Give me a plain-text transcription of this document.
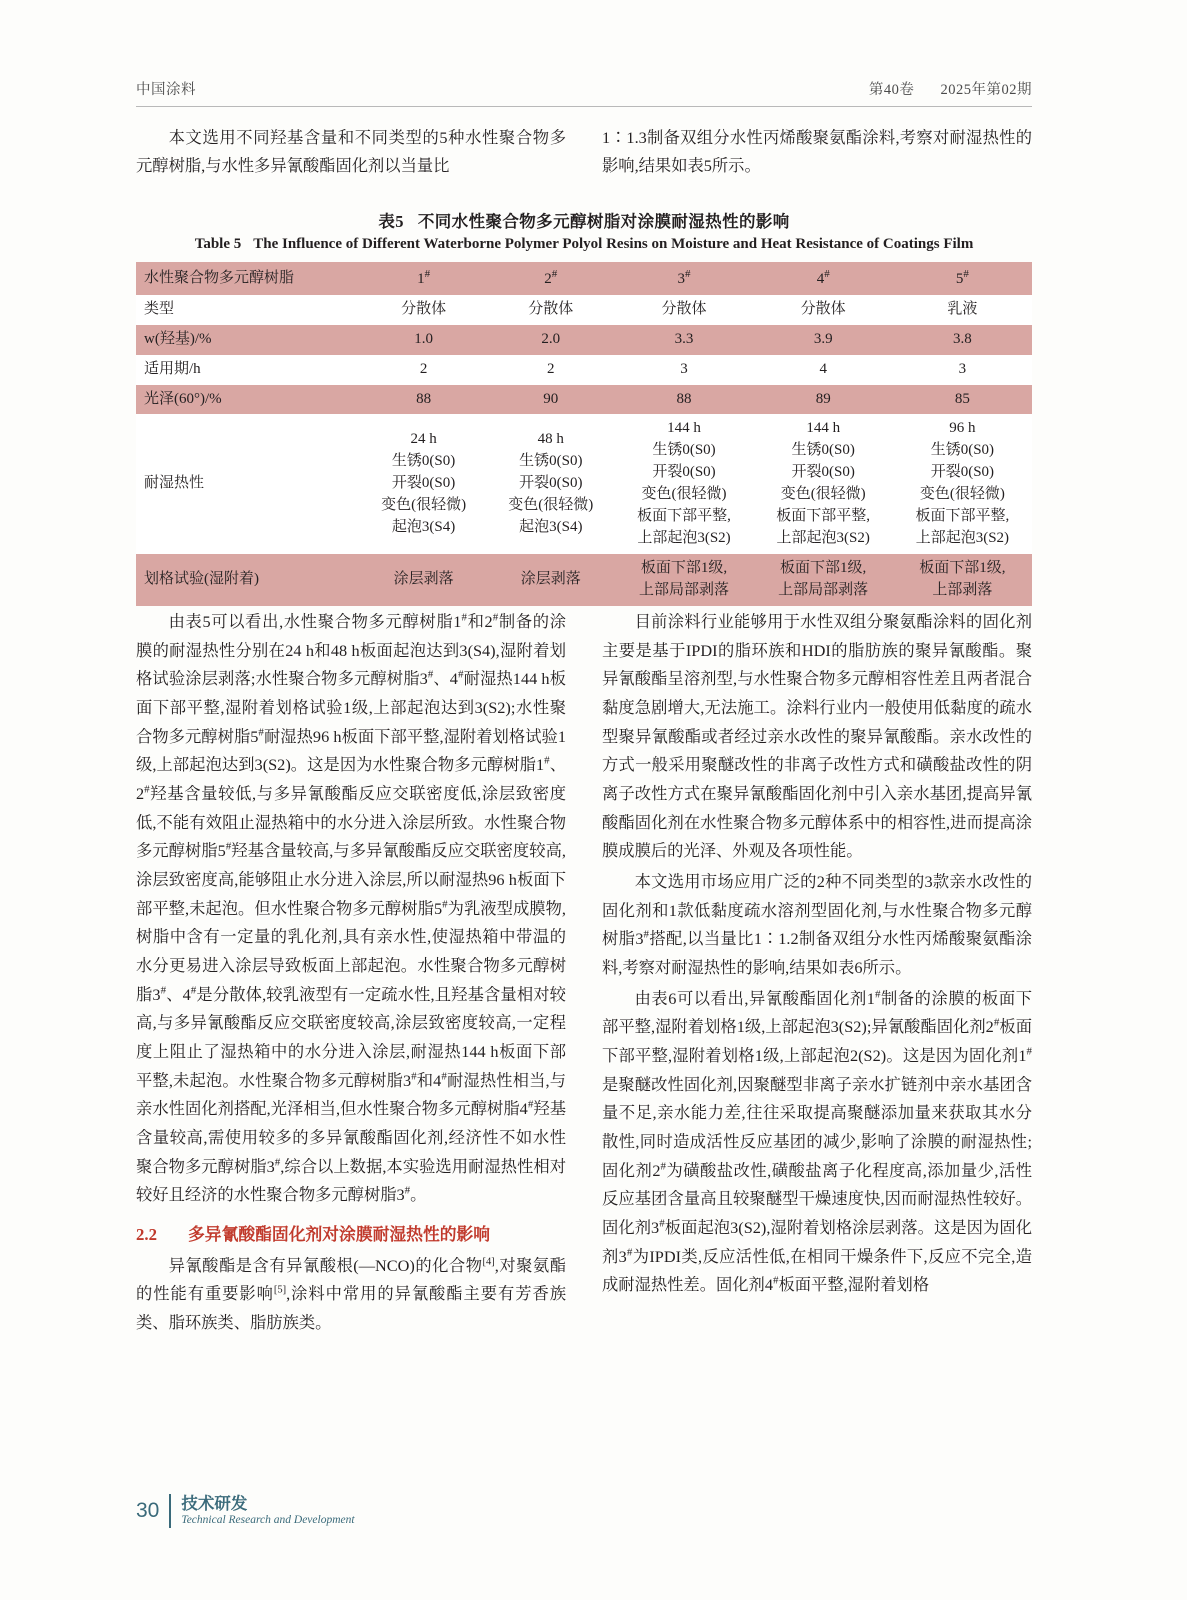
中国涂料	第40卷 2025年第02期
本文选用不同羟基含量和不同类型的5种水性聚合物多元醇树脂,与水性多异氰酸酯固化剂以当量比
1∶1.3制备双组分水性丙烯酸聚氨酯涂料,考察对耐湿热性的影响,结果如表5所示。
表5 不同水性聚合物多元醇树脂对涂膜耐湿热性的影响
Table 5 The Influence of Different Waterborne Polymer Polyol Resins on Moisture and Heat Resistance of Coatings Film
水性聚合物多元醇树脂	1#	2#	3#	4#	5#
类型	分散体	分散体	分散体	分散体	乳液
w(羟基)/%	1.0	2.0	3.3	3.9	3.8
适用期/h	2	2	3	4	3
光泽(60°)/%	88	90	88	89	85
耐湿热性	24 h
生锈0(S0)
开裂0(S0)
变色(很轻微)
起泡3(S4)	48 h
生锈0(S0)
开裂0(S0)
变色(很轻微)
起泡3(S4)	144 h
生锈0(S0)
开裂0(S0)
变色(很轻微)
板面下部平整,
上部起泡3(S2)	144 h
生锈0(S0)
开裂0(S0)
变色(很轻微)
板面下部平整,
上部起泡3(S2)	96 h
生锈0(S0)
开裂0(S0)
变色(很轻微)
板面下部平整,
上部起泡3(S2)
划格试验(湿附着)	涂层剥落	涂层剥落	板面下部1级,
上部局部剥落	板面下部1级,
上部局部剥落	板面下部1级,
上部剥落

由表5可以看出,水性聚合物多元醇树脂1#和2#制备的涂膜的耐湿热性分别在24 h和48 h板面起泡达到3(S4),湿附着划格试验涂层剥落;水性聚合物多元醇树脂3#、4#耐湿热144 h板面下部平整,湿附着划格试验1级,上部起泡达到3(S2);水性聚合物多元醇树脂5#耐湿热96 h板面下部平整,湿附着划格试验1级,上部起泡达到3(S2)。这是因为水性聚合物多元醇树脂1#、2#羟基含量较低,与多异氰酸酯反应交联密度低,涂层致密度低,不能有效阻止湿热箱中的水分进入涂层所致。水性聚合物多元醇树脂5#羟基含量较高,与多异氰酸酯反应交联密度较高,涂层致密度高,能够阻止水分进入涂层,所以耐湿热96 h板面下部平整,未起泡。但水性聚合物多元醇树脂5#为乳液型成膜物,树脂中含有一定量的乳化剂,具有亲水性,使湿热箱中带温的水分更易进入涂层导致板面上部起泡。水性聚合物多元醇树脂3#、4#是分散体,较乳液型有一定疏水性,且羟基含量相对较高,与多异氰酸酯反应交联密度较高,涂层致密度较高,一定程度上阻止了湿热箱中的水分进入涂层,耐湿热144 h板面下部平整,未起泡。水性聚合物多元醇树脂3#和4#耐湿热性相当,与亲水性固化剂搭配,光泽相当,但水性聚合物多元醇树脂4#羟基含量较高,需使用较多的多异氰酸酯固化剂,经济性不如水性聚合物多元醇树脂3#,综合以上数据,本实验选用耐湿热性相对较好且经济的水性聚合物多元醇树脂3#。

2.2	多异氰酸酯固化剂对涂膜耐湿热性的影响

异氰酸酯是含有异氰酸根(—NCO)的化合物[4],对聚氨酯的性能有重要影响[5],涂料中常用的异氰酸酯主要有芳香族类、脂环族类、脂肪族类。

目前涂料行业能够用于水性双组分聚氨酯涂料的固化剂主要是基于IPDI的脂环族和HDI的脂肪族的聚异氰酸酯。聚异氰酸酯呈溶剂型,与水性聚合物多元醇相容性差且两者混合黏度急剧增大,无法施工。涂料行业内一般使用低黏度的疏水型聚异氰酸酯或者经过亲水改性的聚异氰酸酯。亲水改性的方式一般采用聚醚改性的非离子改性方式和磺酸盐改性的阴离子改性方式在聚异氰酸酯固化剂中引入亲水基团,提高异氰酸酯固化剂在水性聚合物多元醇体系中的相容性,进而提高涂膜成膜后的光泽、外观及各项性能。

本文选用市场应用广泛的2种不同类型的3款亲水改性的固化剂和1款低黏度疏水溶剂型固化剂,与水性聚合物多元醇树脂3#搭配,以当量比1∶1.2制备双组分水性丙烯酸聚氨酯涂料,考察对耐湿热性的影响,结果如表6所示。

由表6可以看出,异氰酸酯固化剂1#制备的涂膜的板面下部平整,湿附着划格1级,上部起泡3(S2);异氰酸酯固化剂2#板面下部平整,湿附着划格1级,上部起泡2(S2)。这是因为固化剂1#是聚醚改性固化剂,因聚醚型非离子亲水扩链剂中亲水基团含量不足,亲水能力差,往往采取提高聚醚添加量来获取其水分散性,同时造成活性反应基团的减少,影响了涂膜的耐湿热性;固化剂2#为磺酸盐改性,磺酸盐离子化程度高,添加量少,活性反应基团含量高且较聚醚型干燥速度快,因而耐湿热性较好。固化剂3#板面起泡3(S2),湿附着划格涂层剥落。这是因为固化剂3#为IPDI类,反应活性低,在相同干燥条件下,反应不完全,造成耐湿热性差。固化剂4#板面平整,湿附着划格

30 技术研发
Technical Research and Development
